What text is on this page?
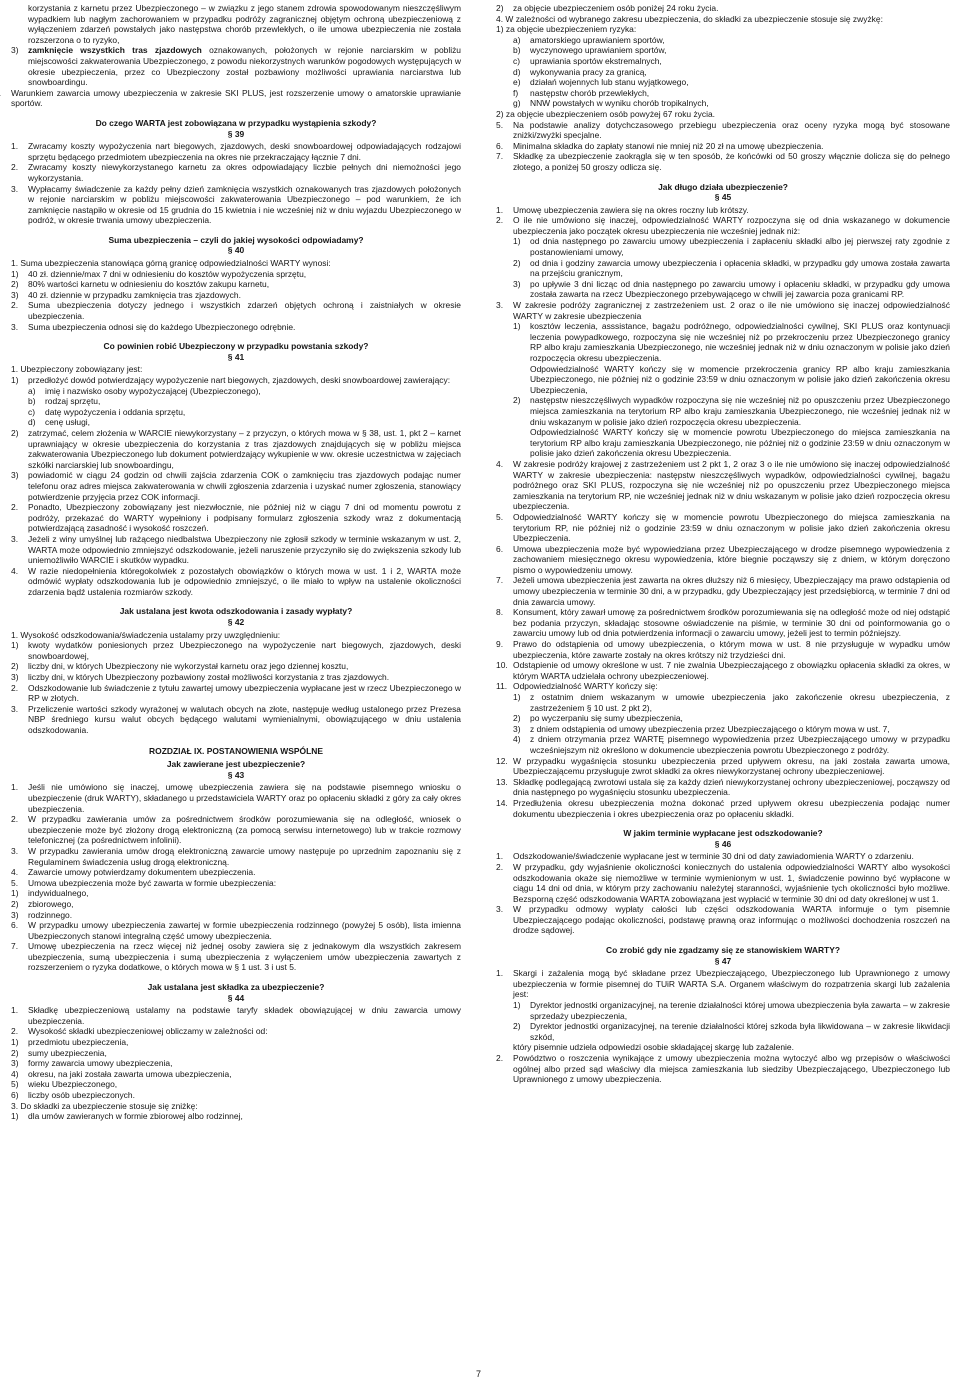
korzystania z karnetu przez Ubezpieczonego – w związku z jego stanem zdrowia spowodowanym nieszczęśliwym wypadkiem lub nagłym zachorowaniem w przypadku podróży zagranicznej objętym ochroną ubezpieczeniową z wyłączeniem zdarzeń powstałych jako następstwa chorób przewlekłych, o ile umowa ubezpieczenia nie została rozszerzona o to ryzyko,
3)	zamknięcie wszystkich tras zjazdowych oznakowanych, położonych w rejonie narciarskim w pobliżu miejscowości zakwaterowania Ubezpieczonego, z powodu niekorzystnych warunków pogodowych występujących w okresie ubezpieczenia, przez co Ubezpieczony został pozbawiony możliwości uprawiania narciarstwa lub snowboardingu.
Warunkiem zawarcia umowy ubezpieczenia w zakresie SKI PLUS, jest rozszerzenie umowy o amatorskie uprawianie sportów.
Do czego WARTA jest zobowiązana w przypadku wystąpienia szkody?
§ 39
1.	Zwracamy koszty wypożyczenia nart biegowych, zjazdowych, deski snowboardowej odpowiadających rodzajowi sprzętu będącego przedmiotem ubezpieczenia na okres nie przekraczający łącznie 7 dni.
2.	Zwracamy koszty niewykorzystanego karnetu za okres odpowiadający liczbie pełnych dni niemożności jego wykorzystania.
3.	Wypłacamy świadczenie za każdy pełny dzień zamknięcia wszystkich oznakowanych tras zjazdowych położonych w rejonie narciarskim w pobliżu miejscowości zakwaterowania Ubezpieczonego – pod warunkiem, że ich zamknięcie nastąpiło w okresie od 15 grudnia do 15 kwietnia i nie wcześniej niż w dniu wyjazdu Ubezpieczonego w podróż, w okresie trwania umowy ubezpieczenia.
Suma ubezpieczenia – czyli do jakiej wysokości odpowiadamy?
§ 40
1. Suma ubezpieczenia stanowiąca górną granicę odpowiedzialności WARTY wynosi:
1)	40 zł. dziennie/max 7 dni w odniesieniu do kosztów wypożyczenia sprzętu,
2)	80% wartości karnetu w odniesieniu do kosztów zakupu karnetu,
3)	40 zł. dziennie w przypadku zamknięcia tras zjazdowych.
2.	Suma ubezpieczenia dotyczy jednego i wszystkich zdarzeń objętych ochroną i zaistniałych w okresie ubezpieczenia.
3.	Suma ubezpieczenia odnosi się do każdego Ubezpieczonego odrębnie.
Co powinien robić Ubezpieczony w przypadku powstania szkody?
§ 41
1. Ubezpieczony zobowiązany jest:
1)	przedłożyć dowód potwierdzający wypożyczenie nart biegowych, zjazdowych, deski snowboardowej zawierający:
a)	imię i nazwisko osoby wypożyczającej (Ubezpieczonego),
b)	rodzaj sprzętu,
c)	datę wypożyczenia i oddania sprzętu,
d)	cenę usługi,
2)	zatrzymać, celem złożenia w WARCIE niewykorzystany – z przyczyn, o których mowa w § 38, ust. 1, pkt 2 – karnet uprawniający w okresie ubezpieczenia do korzystania z tras zjazdowych znajdujących się w pobliżu miejsca zakwaterowania Ubezpieczonego lub dokument potwierdzający wykupienie w ww. okresie uczestnictwa w zajęciach szkółki narciarskiej lub snowboardingu,
3)	powiadomić w ciągu 24 godzin od chwili zajścia zdarzenia COK o zamknięciu tras zjazdowych podając numer telefonu oraz adres miejsca zakwaterowania w chwili zgłoszenia zdarzenia i uzyskać numer zgłoszenia, stanowiący potwierdzenie przyjęcia przez COK informacji.
2.	Ponadto, Ubezpieczony zobowiązany jest niezwłocznie, nie później niż w ciągu 7 dni od momentu powrotu z podróży, przekazać do WARTY wypełniony i podpisany formularz zgłoszenia szkody wraz z dokumentacją potwierdzającą zasadność i wysokość roszczeń.
3.	Jeżeli z winy umyślnej lub rażącego niedbalstwa Ubezpieczony nie zgłosił szkody w terminie wskazanym w ust. 2, WARTA może odpowiednio zmniejszyć odszkodowanie, jeżeli naruszenie przyczyniło się do zwiększenia szkody lub uniemożliwiło WARCIE i skutków wypadku.
4.	W razie niedopełnienia któregokolwiek z pozostałych obowiązków o których mowa w ust. 1 i 2, WARTA może odmówić wypłaty odszkodowania lub je odpowiednio zmniejszyć, o ile miało to wpływ na ustalenie okoliczności zdarzenia bądź ustalenia rozmiarów szkody.
Jak ustalana jest kwota odszkodowania i zasady wypłaty?
§ 42
1. Wysokość odszkodowania/świadczenia ustalamy przy uwzględnieniu:
1)	kwoty wydatków poniesionych przez Ubezpieczonego na wypożyczenie nart biegowych, zjazdowych, deski snowboardowej,
2)	liczby dni, w których Ubezpieczony nie wykorzystał karnetu oraz jego dziennej kosztu,
3)	liczby dni, w których Ubezpieczony pozbawiony został możliwości korzystania z tras zjazdowych.
2.	Odszkodowanie lub świadczenie z tytułu zawartej umowy ubezpieczenia wypłacane jest w rzecz Ubezpieczonego w RP w złotych.
3.	Przeliczenie wartości szkody wyrażonej w walutach obcych na złote, następuje według ustalonego przez Prezesa NBP średniego kursu walut obcych będącego walutami wymienialnymi, obowiązującego w dniu ustalenia odszkodowania.
ROZDZIAŁ IX. POSTANOWIENIA WSPÓLNE
Jak zawierane jest ubezpieczenie?
§ 43
1.	Jeśli nie umówiono się inaczej, umowę ubezpieczenia zawiera się na podstawie pisemnego wniosku o ubezpieczenie (druk WARTY), składanego u przedstawiciela WARTY oraz po opłaceniu składki z góry za cały okres ubezpieczenia.
2.	W przypadku zawierania umów za pośrednictwem środków porozumiewania się na odległość, wniosek o ubezpieczenie może być złożony drogą elektroniczną (za pomocą serwisu internetowego) lub w trakcie rozmowy telefonicznej (za pośrednictwem infolinii).
3.	W przypadku zawierania umów drogą elektroniczną zawarcie umowy następuje po uprzednim zapoznaniu się z Regulaminem świadczenia usług drogą elektroniczną.
4.	Zawarcie umowy potwierdzamy dokumentem ubezpieczenia.
5.	Umowa ubezpieczenia może być zawarta w formie ubezpieczenia:
1)	indywidualnego,
2)	zbiorowego,
3)	rodzinnego.
6.	W przypadku umowy ubezpieczenia zawartej w formie ubezpieczenia rodzinnego (powyżej 5 osób), lista imienna Ubezpieczonych stanowi integralną część umowy ubezpieczenia.
7.	Umowę ubezpieczenia na rzecz więcej niż jednej osoby zawiera się z jednakowym dla wszystkich zakresem ubezpieczenia, sumą ubezpieczenia i sumą ubezpieczenia z wyłączeniem umów ubezpieczenia zawartych z rozszerzeniem o ryzyka dodatkowe, o których mowa w § 1 ust. 3 i ust 5.
Jak ustalana jest składka za ubezpieczenie?
§ 44
1.	Składkę ubezpieczeniową ustalamy na podstawie taryfy składek obowiązującej w dniu zawarcia umowy ubezpieczenia.
2.	Wysokość składki ubezpieczeniowej obliczamy w zależności od:
1)	przedmiotu ubezpieczenia,
2)	sumy ubezpieczenia,
3)	formy zawarcia umowy ubezpieczenia,
4)	okresu, na jaki została zawarta umowa ubezpieczenia,
5)	wieku Ubezpieczonego,
6)	liczby osób ubezpieczonych.
3. Do składki za ubezpieczenie stosuje się zniżkę:
1)	dla umów zawieranych w formie zbiorowej albo rodzinnej,
2)	za objęcie ubezpieczeniem osób poniżej 24 roku życia.
4. W zależności od wybranego zakresu ubezpieczenia, do składki za ubezpieczenie stosuje się zwyżkę:
1) za objęcie ubezpieczeniem ryzyka:
a)	amatorskiego uprawianiem sportów,
b)	wyczynowego uprawianiem sportów,
c)	uprawiania sportów ekstremalnych,
d)	wykonywania pracy za granicą,
e)	działań wojennych lub stanu wyjątkowego,
f)	następstw chorób przewlekłych,
g)	NNW powstałych w wyniku chorób tropikalnych,
2) za objęcie ubezpieczeniem osób powyżej 67 roku życia.
5.	Na podstawie analizy dotychczasowego przebiegu ubezpieczenia oraz oceny ryzyka mogą być stosowane zniżki/zwyżki specjalne.
6.	Minimalna składka do zapłaty stanowi nie mniej niż 20 zł na umowę ubezpieczenia.
7.	Składkę za ubezpieczenie zaokrągla się w ten sposób, że końcówki od 50 groszy włącznie dolicza się do pełnego złotego, a poniżej 50 groszy odlicza się.
Jak długo działa ubezpieczenie?
§ 45
1.	Umowę ubezpieczenia zawiera się na okres roczny lub krótszy.
2.	O ile nie umówiono się inaczej, odpowiedzialność WARTY rozpoczyna się od dnia wskazanego w dokumencie ubezpieczenia jako początek okresu ubezpieczenia nie wcześniej jednak niż:
1)	od dnia następnego po zawarciu umowy ubezpieczenia i zapłaceniu składki albo jej pierwszej raty zgodnie z postanowieniami umowy,
2)	od dnia i godziny zawarcia umowy ubezpieczenia i opłacenia składki, w przypadku gdy umowa została zawarta na przejściu granicznym,
3)	po upływie 3 dni licząc od dnia następnego po zawarciu umowy i opłaceniu składki, w przypadku gdy umowa została zawarta na rzecz Ubezpieczonego przebywającego w chwili jej zawarcia poza granicami RP.
3.	W zakresie podróży zagranicznej z zastrzeżeniem ust. 2 oraz o ile nie umówiono się inaczej odpowiedzialność WARTY w zakresie ubezpieczenia
1)	kosztów leczenia, asssistance, bagażu podróżnego, odpowiedzialności cywilnej, SKI PLUS oraz kontynuacji leczenia powypadkowego, rozpoczyna się nie wcześniej niż po przekroczeniu przez Ubezpieczonego granicy RP albo kraju zamieszkania Ubezpieczonego, nie wcześniej jednak niż w dniu oznaczonym w polisie jako dzień rozpoczęcia okresu ubezpieczenia.
Odpowiedzialność WARTY kończy się w momencie przekroczenia granicy RP albo kraju zamieszkania Ubezpieczonego, nie później niż o godzinie 23:59 w dniu oznaczonym w polisie jako dzień zakończenia okresu Ubezpieczenia,
2)	następstw nieszczęśliwych wypadków rozpoczyna się nie wcześniej niż po opuszczeniu przez Ubezpieczonego miejsca zamieszkania na terytorium RP albo kraju zamieszkania Ubezpieczonego, nie wcześniej jednak niż w dniu wskazanym w polisie jako dzień rozpoczęcia okresu ubezpieczenia.
Odpowiedzialność WARTY kończy się w momencie powrotu Ubezpieczonego do miejsca zamieszkania na terytorium RP albo kraju zamieszkania Ubezpieczonego, nie później niż o godzinie 23:59 w dniu oznaczonym w polisie jako dzień zakończenia okresu Ubezpieczenia.
4.	W zakresie podróży krajowej z zastrzeżeniem ust 2 pkt 1, 2 oraz 3 o ile nie umówiono się inaczej odpowiedzialność WARTY w zakresie ubezpieczenia: następstw nieszczęśliwych wypadków, odpowiedzialności cywilnej, bagażu podróżnego oraz SKI PLUS, rozpoczyna się nie wcześniej niż po opuszczeniu przez Ubezpieczonego miejsca zamieszkania na terytorium RP, nie wcześniej jednak niż w dniu wskazanym w polisie jako dzień rozpoczęcia okresu ubezpieczenia.
5.	Odpowiedzialność WARTY kończy się w momencie powrotu Ubezpieczonego do miejsca zamieszkania na terytorium RP, nie później niż o godzinie 23:59 w dniu oznaczonym w polisie jako dzień zakończenia okresu Ubezpieczenia.
6.	Umowa ubezpieczenia może być wypowiedziana przez Ubezpieczającego w drodze pisemnego wypowiedzenia z zachowaniem miesięcznego okresu wypowiedzenia, które biegnie począwszy się z dniem, w którym doręczono pismo o wypowiedzeniu umowy.
7.	Jeżeli umowa ubezpieczenia jest zawarta na okres dłuższy niż 6 miesięcy, Ubezpieczający ma prawo odstąpienia od umowy ubezpieczenia w terminie 30 dni, a w przypadku, gdy Ubezpieczający jest przedsiębiorcą, w terminie 7 dni od dnia zawarcia umowy.
8.	Konsument, który zawarł umowę za pośrednictwem środków porozumiewania się na odległość może od niej odstąpić bez podania przyczyn, składając stosowne oświadczenie na piśmie, w terminie 30 dni od poinformowania go o zawarciu umowy lub od dnia potwierdzenia informacji o zawarciu umowy, jeżeli jest to termin późniejszy.
9.	Prawo do odstąpienia od umowy ubezpieczenia, o którym mowa w ust. 8 nie przysługuje w wypadku umów ubezpieczenia, które zawarte zostały na okres krótszy niż trzydzieści dni.
10. Odstąpienie od umowy określone w ust. 7 nie zwalnia Ubezpieczającego z obowiązku opłacenia składki za okres, w którym WARTA udzielała ochrony ubezpieczeniowej.
11. Odpowiedzialność WARTY kończy się:
1)	z ostatnim dniem wskazanym w umowie ubezpieczenia jako zakończenie okresu ubezpieczenia, z zastrzeżeniem § 10 ust. 2 pkt 2),
2)	po wyczerpaniu się sumy ubezpieczenia,
3)	z dniem odstąpienia od umowy ubezpieczenia przez Ubezpieczającego o którym mowa w ust. 7,
4)	z dniem otrzymania przez WARTĘ pisemnego wypowiedzenia przez Ubezpieczającego umowy w przypadku wcześniejszym niż określono w dokumencie ubezpieczenia powrotu Ubezpieczonego z podróży.
12. W przypadku wygaśnięcia stosunku ubezpieczenia przed upływem okresu, na jaki została zawarta umowa, Ubezpieczającemu przysługuje zwrot składki za okres niewykorzystanej ochrony ubezpieczeniowej.
13. Składkę podlegającą zwrotowi ustala się za każdy dzień niewykorzystanej ochrony ubezpieczeniowej, począwszy od dnia następnego po wygaśnięciu stosunku ubezpieczenia.
14. Przedłużenia okresu ubezpieczenia można dokonać przed upływem okresu ubezpieczenia podając numer dokumentu ubezpieczenia i okres ubezpieczenia oraz po opłaceniu składki.
W jakim terminie wypłacane jest odszkodowanie?
§ 46
1.	Odszkodowanie/świadczenie wypłacane jest w terminie 30 dni od daty zawiadomienia WARTY o zdarzeniu.
2.	W przypadku, gdy wyjaśnienie okoliczności koniecznych do ustalenia odpowiedzialności WARTY albo wysokości odszkodowania okaże się niemożliwe w terminie wymienionym w ust. 1, świadczenie powinno być wypłacone w ciągu 14 dni od dnia, w którym przy zachowaniu należytej staranności, wyjaśnienie tych okoliczności było możliwe. Bezsporną część odszkodowania WARTA zobowiązana jest wypłacić w terminie 30 dni od daty określonej w ust 1.
3.	W przypadku odmowy wypłaty całości lub części odszkodowania WARTA informuje o tym pisemnie Ubezpieczającego podając okoliczności, podstawę prawną oraz informując o możliwości dochodzenia roszczeń na drodze sądowej.
Co zrobić gdy nie zgadzamy się ze stanowiskiem WARTY?
§ 47
1.	Skargi i zażalenia mogą być składane przez Ubezpieczającego, Ubezpieczonego lub Uprawnionego z umowy ubezpieczenia w formie pisemnej do TUiR WARTA S.A. Organem właściwym do rozpatrzenia skargi lub zażalenia jest:
1)	Dyrektor jednostki organizacyjnej, na terenie działalności której umowa ubezpieczenia była zawarta – w zakresie sprzedaży ubezpieczenia,
2)	Dyrektor jednostki organizacyjnej, na terenie działalności której szkoda była likwidowana – w zakresie likwidacji szkód,
który pisemnie udziela odpowiedzi osobie składającej skargę lub zażalenie.
2.	Powództwo o roszczenia wynikające z umowy ubezpieczenia można wytoczyć albo wg przepisów o właściwości ogólnej albo przed sąd właściwy dla miejsca zamieszkania lub siedziby Ubezpieczającego, Ubezpieczonego lub Uprawnionego z umowy ubezpieczenia.
7
